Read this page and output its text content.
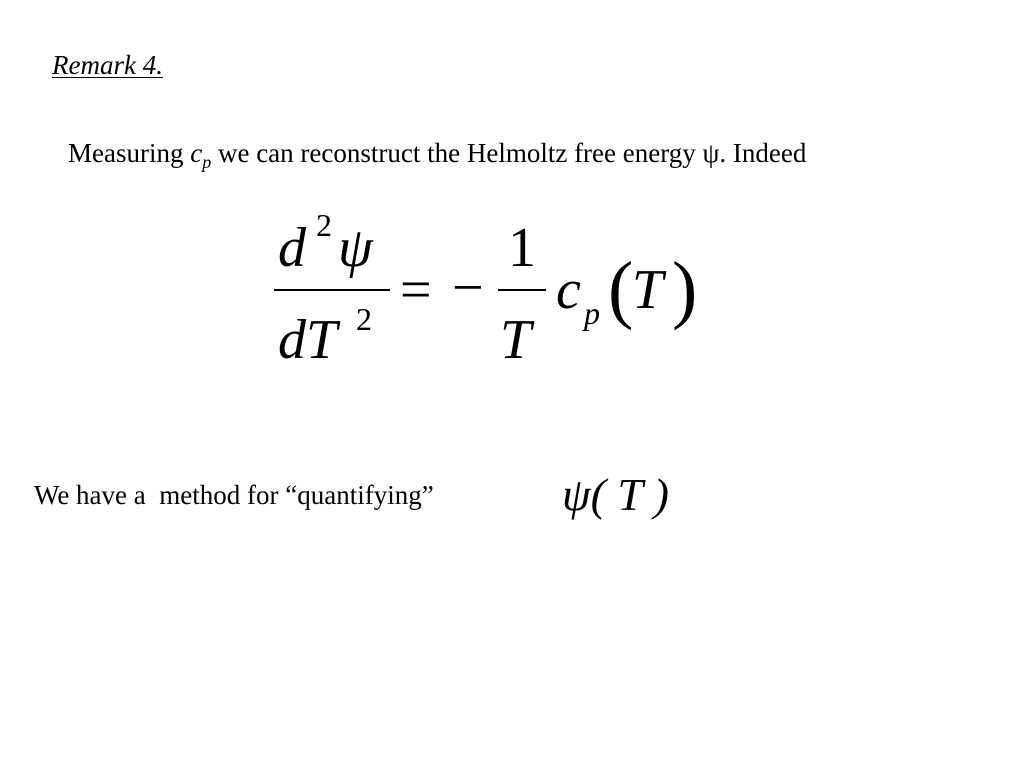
Remark 4.
Measuring $c_p$ we can reconstruct the Helmoltz free energy ψ. Indeed
d 2 ψ
dT 2 = −
1
T
c p (
T )
We have a  method for “quantifying”	ψ( T )
